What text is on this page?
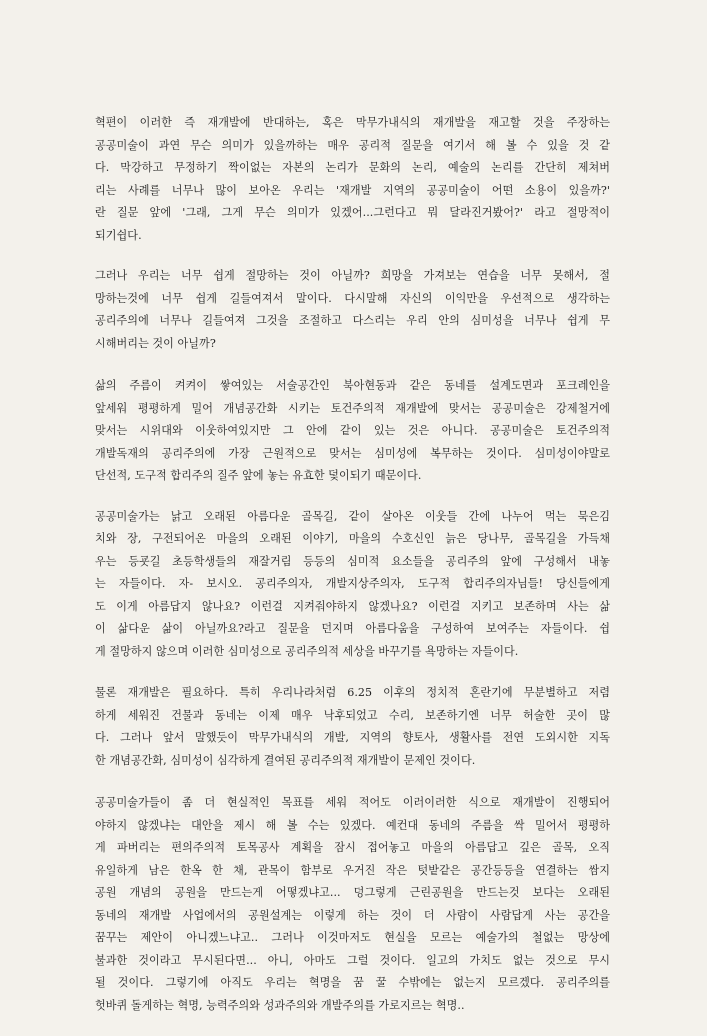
혁편이 이러한 즉 재개발에 반대하는, 혹은 막무가내식의 재개발을 재고할 것을 주장하는
공공미술이 과연 무슨 의미가 있을까하는 매우 공리적 질문을 여기서 해 볼 수 있을 것 같
다. 막강하고 무정하기 짝이없는 자본의 논리가 문화의 논리, 예술의 논리를 간단히 제쳐버
리는 사례를 너무나 많이 보아온 우리는 '재개발 지역의 공공미술이 어떤 소용이 있을까?'
란 질문 앞에 '그래, 그게 무슨 의미가 있겠어...그런다고 뭐 달라진거봤어?' 라고 절망적이
되기쉽다.

그러나 우리는 너무 쉽게 절망하는 것이 아닐까? 희망을 가져보는 연습을 너무 못해서, 절
망하는것에 너무 쉽게 길들여져서 말이다. 다시말해 자신의 이익만을 우선적으로 생각하는
공리주의에 너무나 길들여져 그것을 조절하고 다스리는 우리 안의 심미성을 너무나 쉽게 무
시해버리는 것이 아닐까?

삶의 주름이 켜켜이 쌓여있는 서술공간인 북아현동과 같은 동네를 설계도면과 포크레인을
앞세워 평평하게 밀어 개념공간화 시키는 토건주의적 재개발에 맞서는 공공미술은 강제철거에
맞서는 시위대와 이웃하여있지만 그 안에 같이 있는 것은 아니다. 공공미술은 토건주의적
개발독재의 공리주의에 가장 근원적으로 맞서는 심미성에 복무하는 것이다. 심미성이야말로
단선적, 도구적 합리주의 질주 앞에 놓는 유효한 덫이되기 때문이다.

공공미술가는 낡고 오래된 아름다운 골목길, 같이 살아온 이웃들 간에 나누어 먹는 묵은김
치와 장, 구전되어온 마을의 오래된 이야기, 마을의 수호신인 늙은 당나무, 골목길을 가득채
우는 등굣길 초등학생들의 재잘거림 등등의 심미적 요소들을 공리주의 앞에 구성해서 내놓
는 자들이다. 자- 보시오. 공리주의자, 개발지상주의자, 도구적 합리주의자님들! 당신들에게
도 이게 아름답지 않나요? 이런걸 지켜줘야하지 않겠나요? 이런걸 지키고 보존하며 사는 삶
이 삶다운 삶이 아닐까요?라고 질문을 던지며 아름다움을 구성하여 보여주는 자들이다. 쉽
게 절망하지 않으며 이러한 심미성으로 공리주의적 세상을 바꾸기를 욕망하는 자들이다.

물론 재개발은 필요하다. 특히 우리나라처럼 6.25 이후의 정치적 혼란기에 무분별하고 저렴
하게 세워진 건물과 동네는 이제 매우 낙후되었고 수리, 보존하기엔 너무 허술한 곳이 많
다. 그러나 앞서 말했듯이 막무가내식의 개발, 지역의 향토사, 생활사를 전연 도외시한 지독
한 개념공간화, 심미성이 심각하게 결여된 공리주의적 재개발이 문제인 것이다.

공공미술가들이 좀 더 현실적인 목표를 세워 적어도 이러이러한 식으로 재개발이 진행되어
야하지 않겠냐는 대안을 제시 해 볼 수는 있겠다. 예컨대 동네의 주름을 싹 밀어서 평평하
게 파버리는 편의주의적 토목공사 계획을 잠시 접어놓고 마을의 아름답고 깊은 골목, 오직
유일하게 남은 한옥 한 채, 관목이 함부로 우거진 작은 텃밭같은 공간등등을 연결하는 쌈지
공원 개념의 공원을 만드는게 어떻겠냐고... 덩그렇게 근린공원을 만드는것 보다는 오래된
동네의 재개발 사업에서의 공원설계는 이렇게 하는 것이 더 사람이 사람답게 사는 공간을
꿈꾸는 제안이 아니겠느냐고.. 그러나 이것마저도 현실을 모르는 예술가의 철없는 망상에
불과한 것이라고 무시된다면... 아니, 아마도 그럴 것이다. 일고의 가치도 없는 것으로 무시
될 것이다. 그렇기에 아직도 우리는 혁명을 꿈 꿀 수밖에는 없는지 모르겠다. 공리주의를
헛바퀴 돌게하는 혁명, 능력주의와 성과주의와 개발주의를 가로지르는 혁명..
